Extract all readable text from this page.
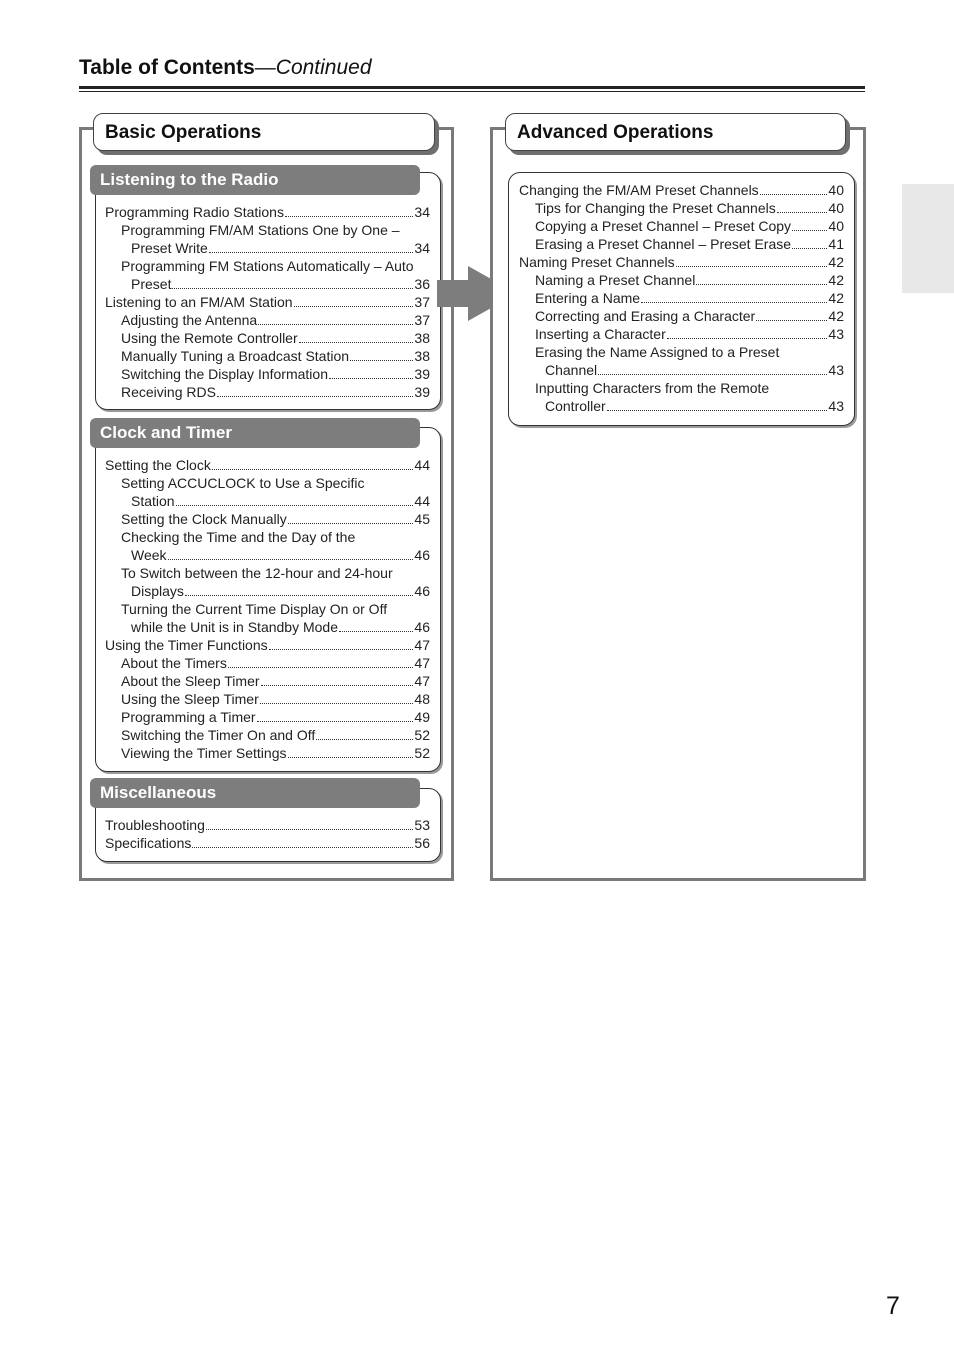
Table of Contents—Continued
Basic Operations
Listening to the Radio
Programming Radio Stations	34
Programming FM/AM Stations One by One –
Preset Write	34
Programming FM Stations Automatically – Auto
Preset	36
Listening to an FM/AM Station	37
Adjusting the Antenna	37
Using the Remote Controller	38
Manually Tuning a Broadcast Station	38
Switching the Display Information	39
Receiving RDS	39
Clock and Timer
Setting the Clock	44
Setting ACCUCLOCK to Use a Specific
Station	44
Setting the Clock Manually	45
Checking the Time and the Day of the
Week	46
To Switch between the 12-hour and 24-hour
Displays	46
Turning the Current Time Display On or Off
while the Unit is in Standby Mode	46
Using the Timer Functions	47
About the Timers	47
About the Sleep Timer	47
Using the Sleep Timer	48
Programming a Timer	49
Switching the Timer On and Off	52
Viewing the Timer Settings	52
Miscellaneous
Troubleshooting	53
Specifications	56
Advanced Operations
Changing the FM/AM Preset Channels	40
Tips for Changing the Preset Channels	40
Copying a Preset Channel – Preset Copy	40
Erasing a Preset Channel – Preset Erase	41
Naming Preset Channels	42
Naming a Preset Channel	42
Entering a Name	42
Correcting and Erasing a Character	42
Inserting a Character	43
Erasing the Name Assigned to a Preset
Channel	43
Inputting Characters from the Remote
Controller	43
7
